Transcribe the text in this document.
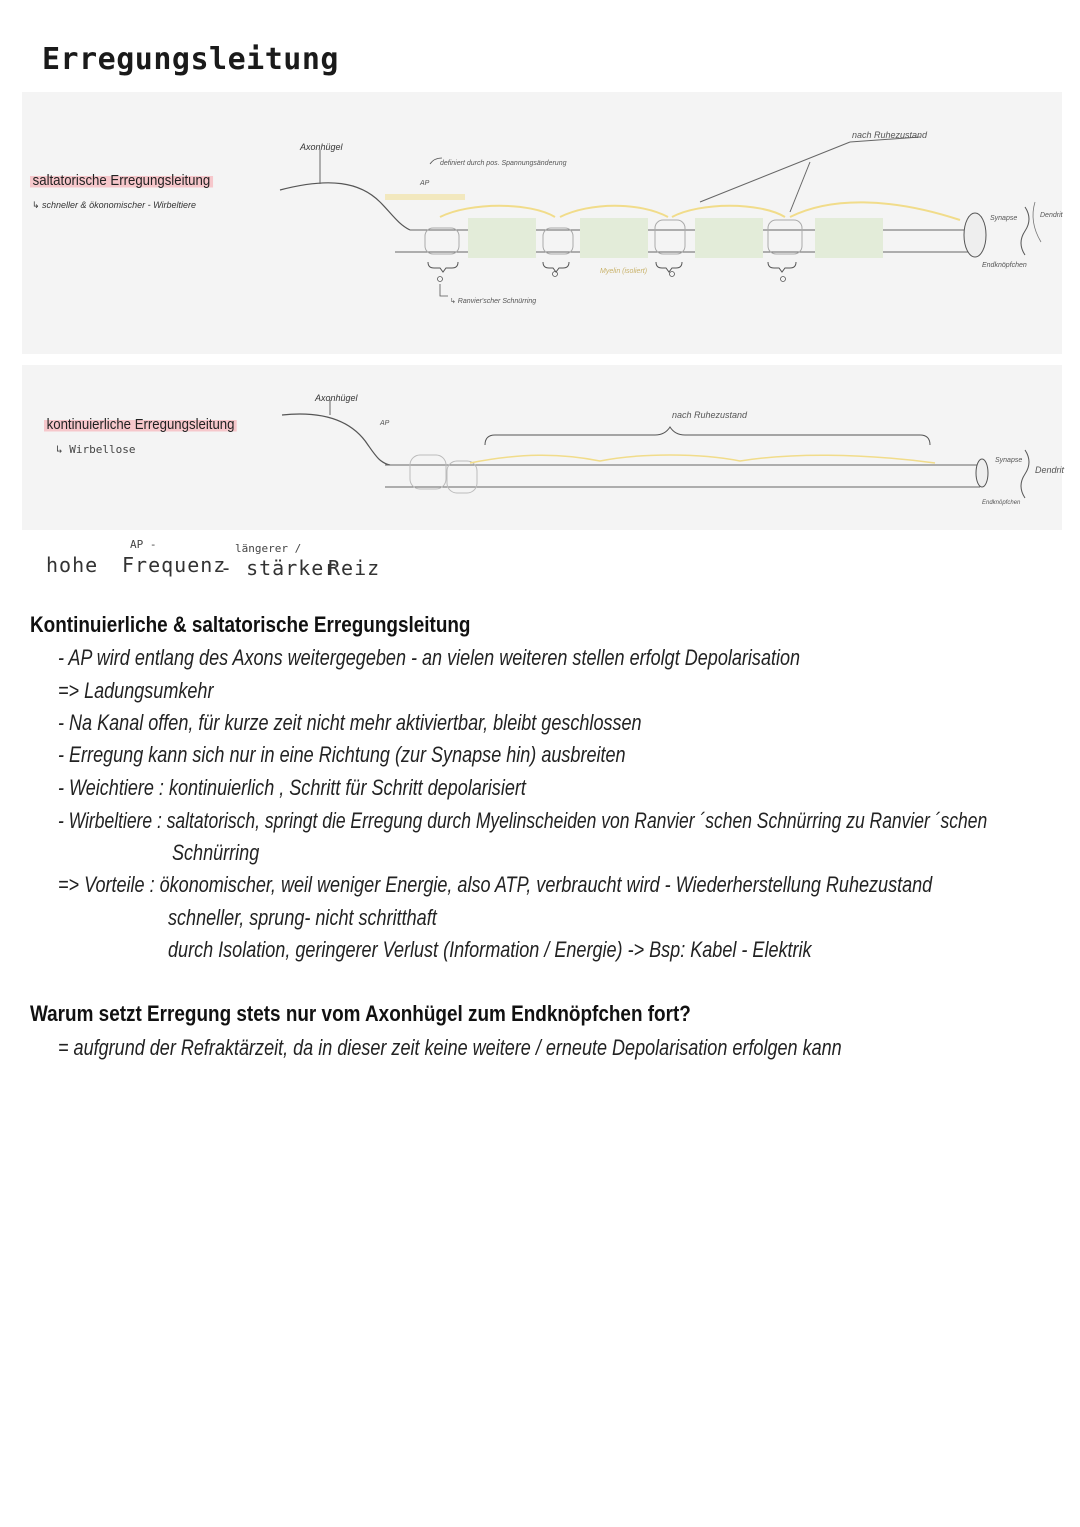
Erregungsleitung
saltatorische Erregungsleitung
↳ schneller & ökonomischer - Wirbeltiere
Axonhügel
AP
definiert durch pos. Spannungsänderung
nach Ruhezustand
↳ Ranvier'scher Schnürring
Myelin (isoliert)
Synapse
Endknöpfchen
Dendrit
kontinuierliche Erregungsleitung
↳ Wirbellose
Axonhügel
AP
nach Ruhezustand
Synapse
Endknöpfchen
Dendrit
AP -	längerer /
hohe Frequenz
- stärker
Reiz
Kontinuierliche & saltatorische Erregungsleitung
- AP wird entlang des Axons weitergegeben - an vielen weiteren stellen erfolgt Depolarisation
=> Ladungsumkehr
- Na Kanal offen, für kurze zeit nicht mehr aktiviertbar, bleibt geschlossen
- Erregung kann sich nur in eine Richtung (zur Synapse hin) ausbreiten
- Weichtiere : kontinuierlich , Schritt für Schritt depolarisiert
- Wirbeltiere : saltatorisch, springt die Erregung durch Myelinscheiden von Ranvier ´schen Schnürring zu Ranvier ´schen
Schnürring
=> Vorteile : ökonomischer, weil weniger Energie, also ATP, verbraucht wird - Wiederherstellung Ruhezustand
schneller, sprung- nicht schritthaft
durch Isolation, geringerer Verlust (Information / Energie) -> Bsp: Kabel - Elektrik
Warum setzt Erregung stets nur vom Axonhügel zum Endknöpfchen fort?
= aufgrund der Refraktärzeit, da in dieser zeit keine weitere / erneute Depolarisation erfolgen kann
